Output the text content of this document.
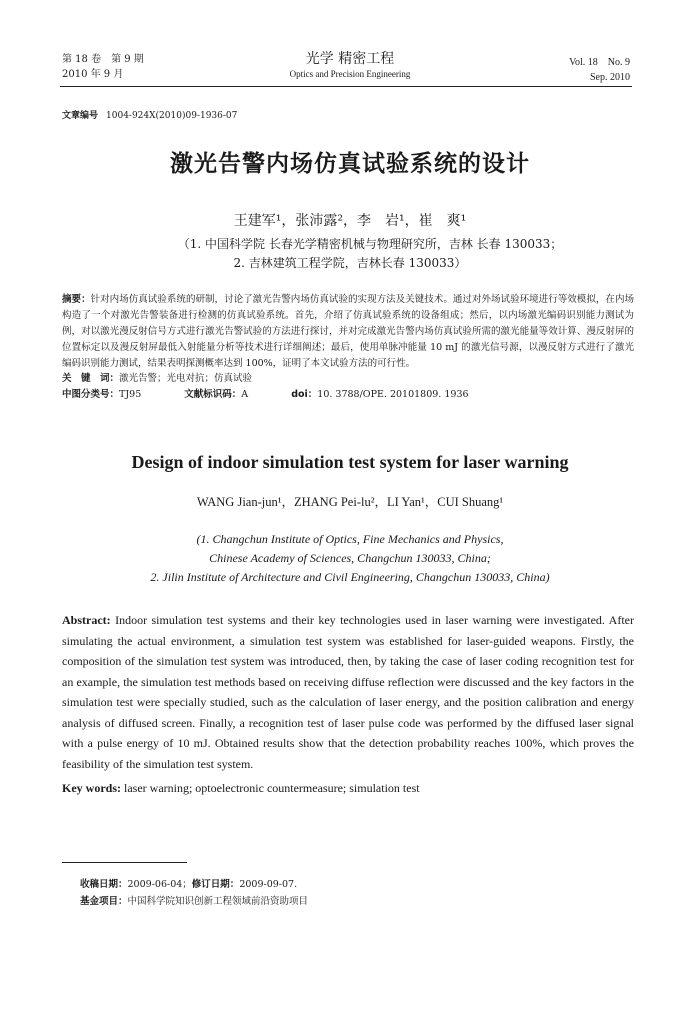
第 18 卷　第 9 期
2010 年 9 月
光学 精密工程
Optics and Precision Engineering
Vol. 18　No. 9
Sep. 2010
文章编号 1004-924X(2010)09-1936-07
激光告警内场仿真试验系统的设计
王建军¹，张沛露²，李　岩¹，崔　爽¹
（1. 中国科学院 长春光学精密机械与物理研究所，吉林 长春 130033；
2. 吉林建筑工程学院，吉林长春 130033）
摘要：针对内场仿真试验系统的研制，讨论了激光告警内场仿真试验的实现方法及关键技术。通过对外场试验环境进行等效模拟，在内场构造了一个对激光告警装备进行检测的仿真试验系统。首先，介绍了仿真试验系统的设备组成；然后，以内场激光编码识别能力测试为例，对以激光漫反射信号方式进行激光告警试验的方法进行探讨，并对完成激光告警内场仿真试验所需的激光能量等效计算、漫反射屏的位置标定以及漫反射屏最低入射能量分析等技术进行详细阐述；最后，使用单脉冲能量 10 mJ 的激光信号源，以漫反射方式进行了激光编码识别能力测试，结果表明探测概率达到 100%，证明了本文试验方法的可行性。
关　键　词：激光告警；光电对抗；仿真试验
中图分类号：TJ95	文献标识码：A	doi：10. 3788/OPE. 20101809. 1936
Design of indoor simulation test system for laser warning
WANG Jian-jun¹，ZHANG Pei-lu²，LI Yan¹，CUI Shuang¹
(1. Changchun Institute of Optics, Fine Mechanics and Physics,
Chinese Academy of Sciences, Changchun 130033, China;
2. Jilin Institute of Architecture and Civil Engineering, Changchun 130033, China)
Abstract: Indoor simulation test systems and their key technologies used in laser warning were investigated. After simulating the actual environment, a simulation test system was established for laser-guided weapons. Firstly, the composition of the simulation test system was introduced, then, by taking the case of laser coding recognition test for an example, the simulation test methods based on receiving diffuse reflection were discussed and the key factors in the simulation test were specially studied, such as the calculation of laser energy, and the position calibration and energy analysis of diffused screen. Finally, a recognition test of laser pulse code was performed by the diffused laser signal with a pulse energy of 10 mJ. Obtained results show that the detection probability reaches 100%, which proves the feasibility of the simulation test system.
Key words: laser warning; optoelectronic countermeasure; simulation test
收稿日期：2009-06-04；修订日期：2009-09-07.
基金项目：中国科学院知识创新工程领域前沿资助项目
